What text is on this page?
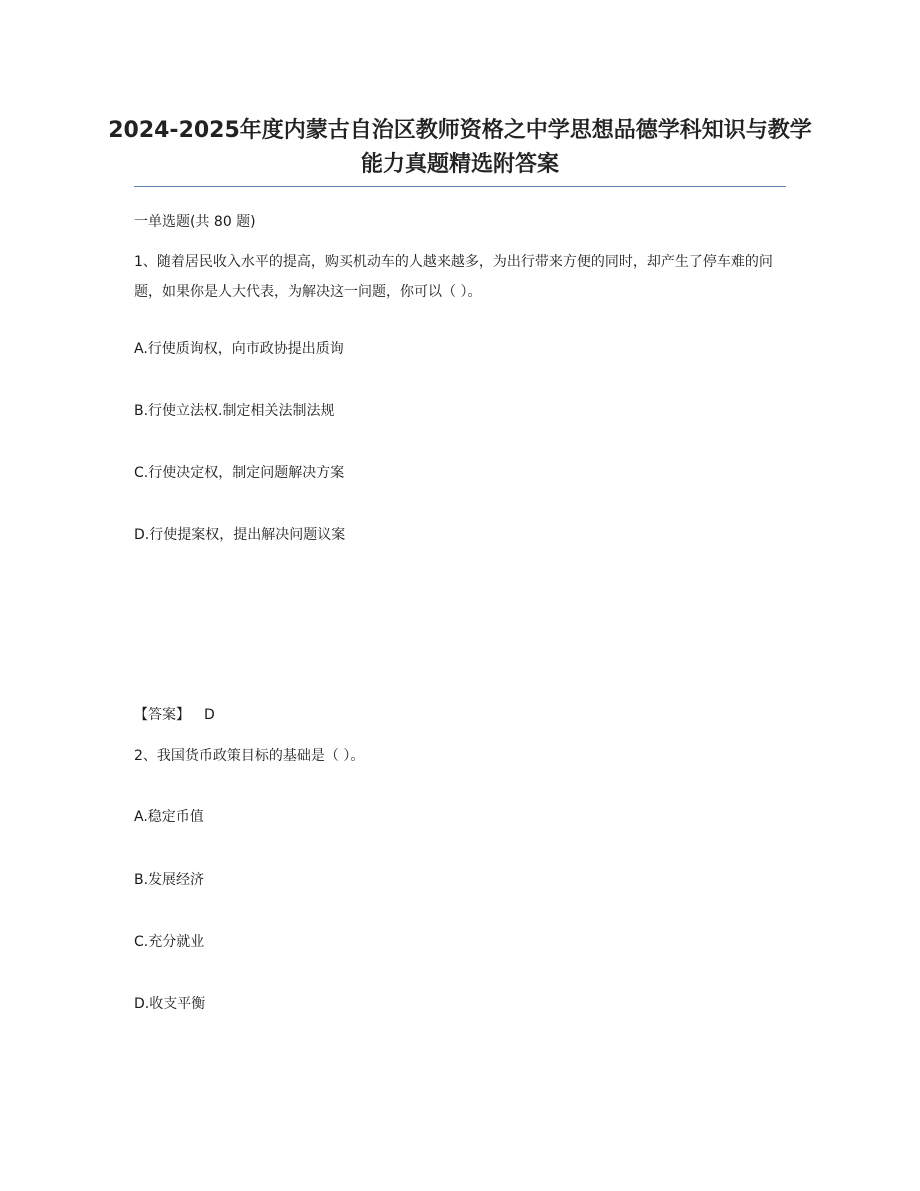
2024-2025年度内蒙古自治区教师资格之中学思想品德学科知识与教学能力真题精选附答案
一单选题(共 80 题)
1、随着居民收入水平的提高，购买机动车的人越来越多，为出行带来方便的同时，却产生了停车难的问题，如果你是人大代表，为解决这一问题，你可以（ ）。
A.行使质询权，向市政协提出质询
B.行使立法权.制定相关法制法规
C.行使决定权，制定问题解决方案
D.行使提案权，提出解决问题议案
【答案】 D
2、我国货币政策目标的基础是（ ）。
A.稳定币值
B.发展经济
C.充分就业
D.收支平衡
